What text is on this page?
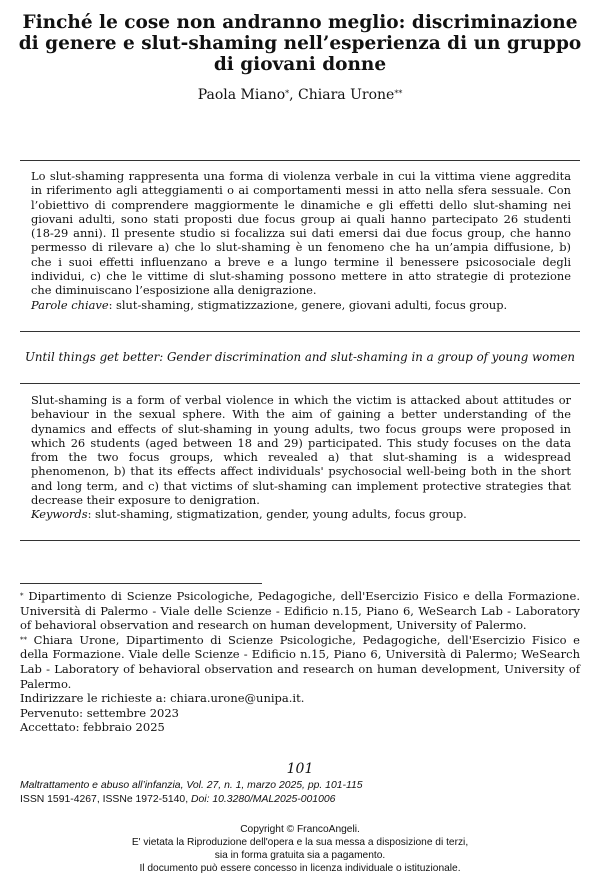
Finché le cose non andranno meglio: discriminazione di genere e slut-shaming nell’esperienza di un gruppo di giovani donne
Paola Miano*, Chiara Urone**
Lo slut-shaming rappresenta una forma di violenza verbale in cui la vittima viene aggredita in riferimento agli atteggiamenti o ai comportamenti messi in atto nella sfera sessuale. Con l’obiettivo di comprendere maggiormente le dinamiche e gli effetti dello slut-shaming nei giovani adulti, sono stati proposti due focus group ai quali hanno partecipato 26 studenti (18-29 anni). Il presente studio si focalizza sui dati emersi dai due focus group, che hanno permesso di rilevare a) che lo slut-shaming è un fenomeno che ha un’ampia diffusione, b) che i suoi effetti influenzano a breve e a lungo termine il benessere psicosociale degli individui, c) che le vittime di slut-shaming possono mettere in atto strategie di protezione che diminuiscano l’esposizione alla denigrazione.
Parole chiave: slut-shaming, stigmatizzazione, genere, giovani adulti, focus group.
Until things get better: Gender discrimination and slut-shaming in a group of young women
Slut-shaming is a form of verbal violence in which the victim is attacked about attitudes or behaviour in the sexual sphere. With the aim of gaining a better understanding of the dynamics and effects of slut-shaming in young adults, two focus groups were proposed in which 26 students (aged between 18 and 29) participated. This study focuses on the data from the two focus groups, which revealed a) that slut-shaming is a widespread phenomenon, b) that its effects affect individuals' psychosocial well-being both in the short and long term, and c) that victims of slut-shaming can implement protective strategies that decrease their exposure to denigration.
Keywords: slut-shaming, stigmatization, gender, young adults, focus group.

* Dipartimento di Scienze Psicologiche, Pedagogiche, dell'Esercizio Fisico e della Formazione. Università di Palermo - Viale delle Scienze - Edificio n.15, Piano 6, WeSearch Lab - Laboratory of behavioral observation and research on human development, University of Palermo.

** Chiara Urone, Dipartimento di Scienze Psicologiche, Pedagogiche, dell'Esercizio Fisico e della Formazione. Viale delle Scienze - Edificio n.15, Piano 6, Università di Palermo; WeSearch Lab - Laboratory of behavioral observation and research on human development, University of Palermo.

Indirizzare le richieste a: chiara.urone@unipa.it.

Pervenuto: settembre 2023

Accettato: febbraio 2025

101
Maltrattamento e abuso all’infanzia, Vol. 27, n. 1, marzo 2025, pp. 101-115
ISSN 1591-4267, ISSNe 1972-5140, Doi: 10.3280/MAL2025-001006
Copyright © FrancoAngeli.
E' vietata la Riproduzione dell'opera e la sua messa a disposizione di terzi,
sia in forma gratuita sia a pagamento.
Il documento può essere concesso in licenza individuale o istituzionale.
